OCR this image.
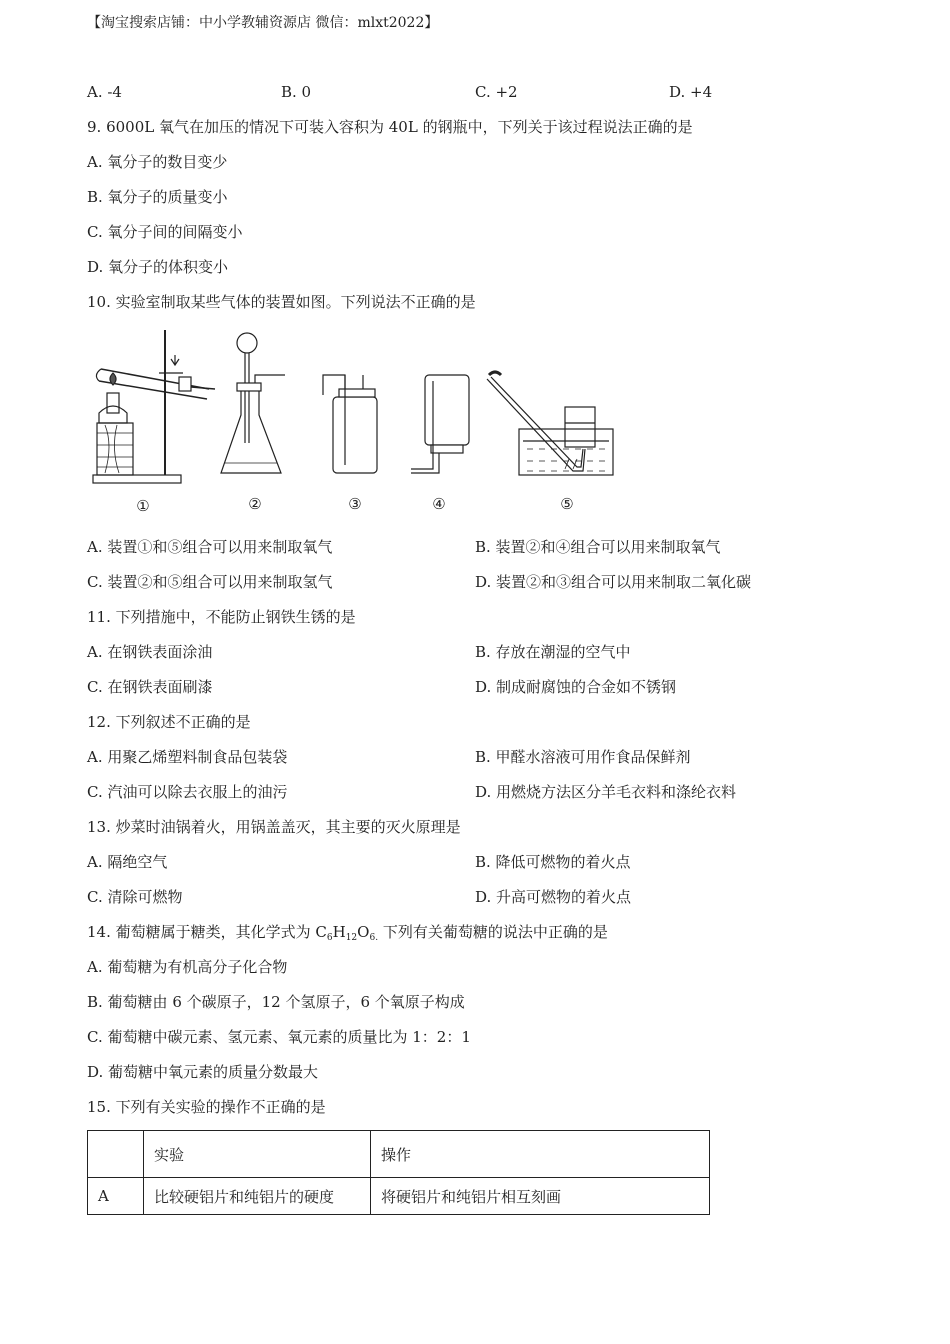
【淘宝搜索店铺：中小学教辅资源店 微信：mlxt2022】
A. -4	B. 0	C. +2	D. +4
9. 6000L 氧气在加压的情况下可装入容积为 40L 的钢瓶中，下列关于该过程说法正确的是
A. 氧分子的数目变少
B. 氧分子的质量变小
C. 氧分子间的间隔变小
D. 氧分子的体积变小
10. 实验室制取某些气体的装置如图。下列说法不正确的是
①	②	③	④	⑤
A. 装置①和⑤组合可以用来制取氧气	B. 装置②和④组合可以用来制取氧气
C. 装置②和⑤组合可以用来制取氢气	D. 装置②和③组合可以用来制取二氧化碳
11. 下列措施中，不能防止钢铁生锈的是
A. 在钢铁表面涂油	B. 存放在潮湿的空气中
C. 在钢铁表面刷漆	D. 制成耐腐蚀的合金如不锈钢
12. 下列叙述不正确的是
A. 用聚乙烯塑料制食品包装袋	B. 甲醛水溶液可用作食品保鲜剂
C. 汽油可以除去衣服上的油污	D. 用燃烧方法区分羊毛衣料和涤纶衣料
13. 炒菜时油锅着火，用锅盖盖灭，其主要的灭火原理是
A. 隔绝空气	B. 降低可燃物的着火点
C. 清除可燃物	D. 升高可燃物的着火点
14. 葡萄糖属于糖类，其化学式为 $C_6H_{12}O_{6.}$ 下列有关葡萄糖的说法中正确的是
A. 葡萄糖为有机高分子化合物
B. 葡萄糖由 6 个碳原子，12 个氢原子，6 个氧原子构成
C. 葡萄糖中碳元素、氢元素、氧元素的质量比为 1：2：1
D. 葡萄糖中氧元素的质量分数最大
15. 下列有关实验的操作不正确的是
	实验	操作
A	比较硬铝片和纯铝片的硬度	将硬铝片和纯铝片相互刻画
